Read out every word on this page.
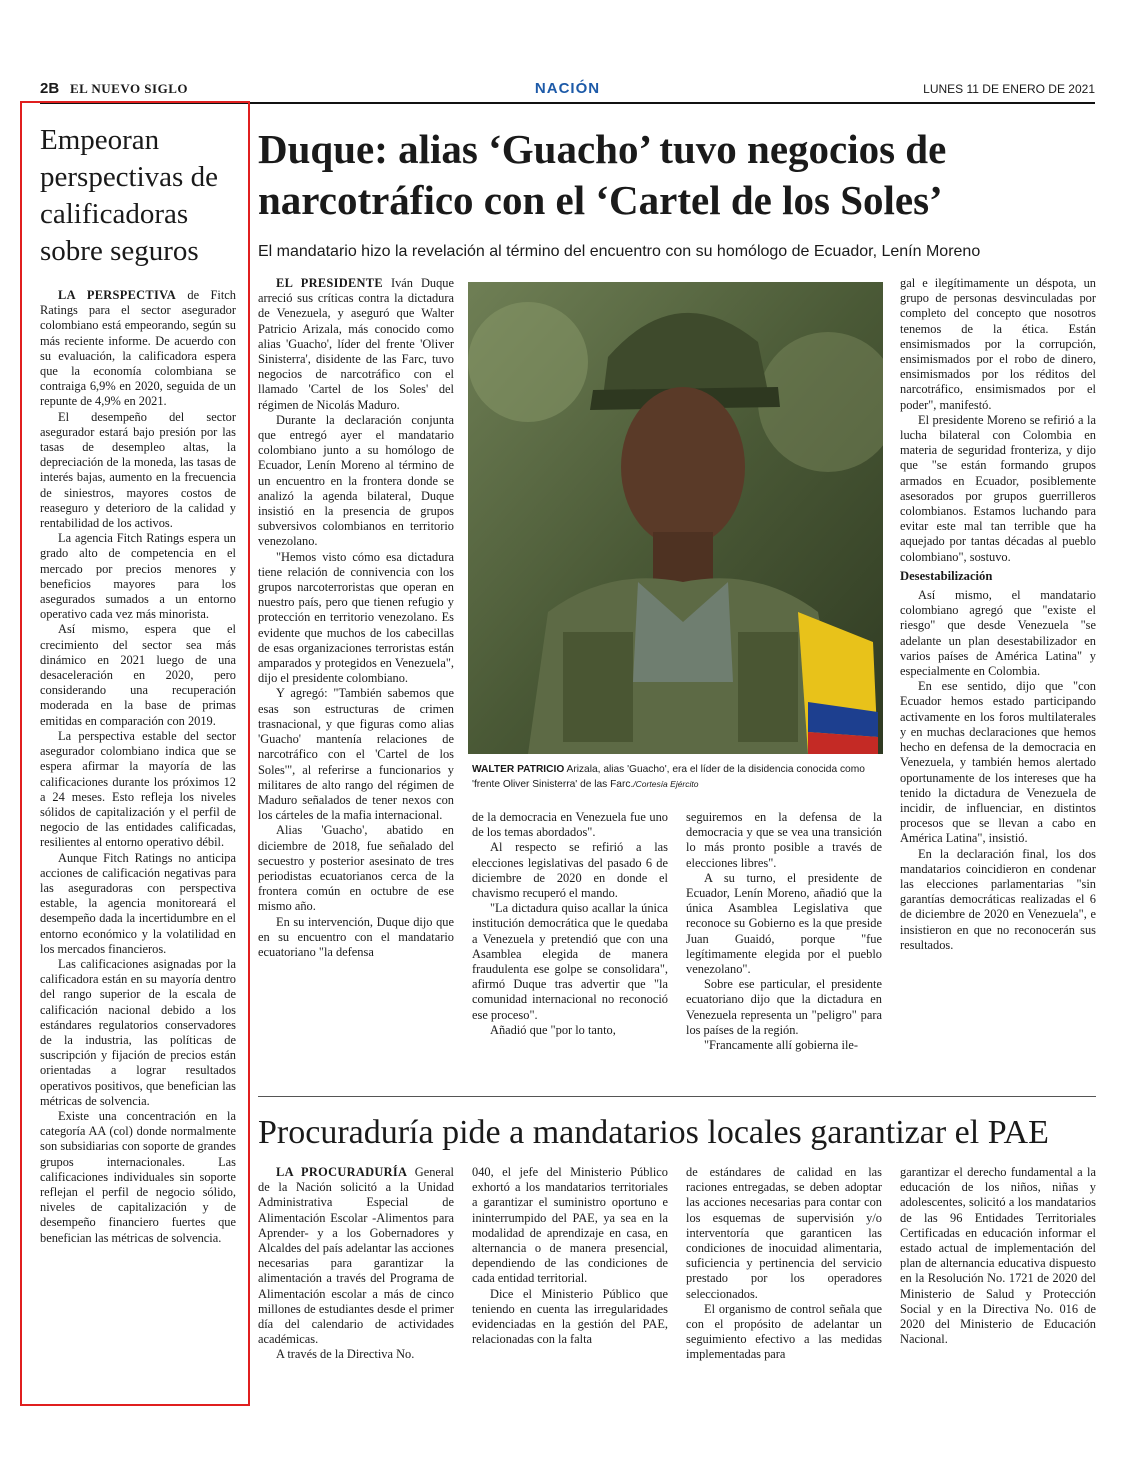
2B EL NUEVO SIGLO	NACIÓN	LUNES 11 DE ENERO DE 2021
Empeoran perspectivas de calificadoras sobre seguros

LA PERSPECTIVA de Fitch Ratings para el sector asegurador colombiano está empeorando, según su más reciente informe. De acuerdo con su evaluación, la calificadora espera que la economía colombiana se contraiga 6,9% en 2020, seguida de un repunte de 4,9% en 2021.

El desempeño del sector asegurador estará bajo presión por las tasas de desempleo altas, la depreciación de la moneda, las tasas de interés bajas, aumento en la frecuencia de siniestros, mayores costos de reaseguro y deterioro de la calidad y rentabilidad de los activos.

La agencia Fitch Ratings espera un grado alto de competencia en el mercado por precios menores y beneficios mayores para los asegurados sumados a un entorno operativo cada vez más minorista.

Así mismo, espera que el crecimiento del sector sea más dinámico en 2021 luego de una desaceleración en 2020, pero considerando una recuperación moderada en la base de primas emitidas en comparación con 2019.

La perspectiva estable del sector asegurador colombiano indica que se espera afirmar la mayoría de las calificaciones durante los próximos 12 a 24 meses. Esto refleja los niveles sólidos de capitalización y el perfil de negocio de las entidades calificadas, resilientes al entorno operativo débil.

Aunque Fitch Ratings no anticipa acciones de calificación negativas para las aseguradoras con perspectiva estable, la agencia monitoreará el desempeño dada la incertidumbre en el entorno económico y la volatilidad en los mercados financieros.

Las calificaciones asignadas por la calificadora están en su mayoría dentro del rango superior de la escala de calificación nacional debido a los estándares regulatorios conservadores de la industria, las políticas de suscripción y fijación de precios están orientadas a lograr resultados operativos positivos, que benefician las métricas de solvencia.

Existe una concentración en la categoría AA (col) donde normalmente son subsidiarias con soporte de grandes grupos internacionales. Las calificaciones individuales sin soporte reflejan el perfil de negocio sólido, niveles de capitalización y de desempeño financiero fuertes que benefician las métricas de solvencia.

Duque: alias ‘Guacho’ tuvo negocios de narcotráfico con el ‘Cartel de los Soles’
El mandatario hizo la revelación al término del encuentro con su homólogo de Ecuador, Lenín Moreno

EL PRESIDENTE Iván Duque arreció sus críticas contra la dictadura de Venezuela, y aseguró que Walter Patricio Arizala, más conocido como alias 'Guacho', líder del frente 'Oliver Sinisterra', disidente de las Farc, tuvo negocios de narcotráfico con el llamado 'Cartel de los Soles' del régimen de Nicolás Maduro.

Durante la declaración conjunta que entregó ayer el mandatario colombiano junto a su homólogo de Ecuador, Lenín Moreno al término de un encuentro en la frontera donde se analizó la agenda bilateral, Duque insistió en la presencia de grupos subversivos colombianos en territorio venezolano.

"Hemos visto cómo esa dictadura tiene relación de connivencia con los grupos narcoterroristas que operan en nuestro país, pero que tienen refugio y protección en territorio venezolano. Es evidente que muchos de los cabecillas de esas organizaciones terroristas están amparados y protegidos en Venezuela", dijo el presidente colombiano.

Y agregó: "También sabemos que esas son estructuras de crimen trasnacional, y que figuras como alias 'Guacho' mantenía relaciones de narcotráfico con el 'Cartel de los Soles'", al referirse a funcionarios y militares de alto rango del régimen de Maduro señalados de tener nexos con los cárteles de la mafia internacional.

Alias 'Guacho', abatido en diciembre de 2018, fue señalado del secuestro y posterior asesinato de tres periodistas ecuatorianos cerca de la frontera común en octubre de ese mismo año.

En su intervención, Duque dijo que en su encuentro con el mandatario ecuatoriano "la defensa

WALTER PATRICIO Arizala, alias 'Guacho', era el líder de la disidencia conocida como 'frente Oliver Sinisterra' de las Farc./Cortesía Ejército

de la democracia en Venezuela fue uno de los temas abordados".

Al respecto se refirió a las elecciones legislativas del pasado 6 de diciembre de 2020 en donde el chavismo recuperó el mando.

"La dictadura quiso acallar la única institución democrática que le quedaba a Venezuela y pretendió que con una Asamblea elegida de manera fraudulenta ese golpe se consolidara", afirmó Duque tras advertir que "la comunidad internacional no reconoció ese proceso".

Añadió que "por lo tanto,

seguiremos en la defensa de la democracia y que se vea una transición lo más pronto posible a través de elecciones libres".

A su turno, el presidente de Ecuador, Lenín Moreno, añadió que la única Asamblea Legislativa que reconoce su Gobierno es la que preside Juan Guaidó, porque "fue legítimamente elegida por el pueblo venezolano".

Sobre ese particular, el presidente ecuatoriano dijo que la dictadura en Venezuela representa un "peligro" para los países de la región.

"Francamente allí gobierna ile-

gal e ilegítimamente un déspota, un grupo de personas desvinculadas por completo del concepto que nosotros tenemos de la ética. Están ensimismados por la corrupción, ensimismados por el robo de dinero, ensimismados por los réditos del narcotráfico, ensimismados por el poder", manifestó.

El presidente Moreno se refirió a la lucha bilateral con Colombia en materia de seguridad fronteriza, y dijo que "se están formando grupos armados en Ecuador, posiblemente asesorados por grupos guerrilleros colombianos. Estamos luchando para evitar este mal tan terrible que ha aquejado por tantas décadas al pueblo colombiano", sostuvo.

Desestabilización

Así mismo, el mandatario colombiano agregó que "existe el riesgo" que desde Venezuela "se adelante un plan desestabilizador en varios países de América Latina" y especialmente en Colombia.

En ese sentido, dijo que "con Ecuador hemos estado participando activamente en los foros multilaterales y en muchas declaraciones que hemos hecho en defensa de la democracia en Venezuela, y también hemos alertado oportunamente de los intereses que ha tenido la dictadura de Venezuela de incidir, de influenciar, en distintos procesos que se llevan a cabo en América Latina", insistió.

En la declaración final, los dos mandatarios coincidieron en condenar las elecciones parlamentarias "sin garantías democráticas realizadas el 6 de diciembre de 2020 en Venezuela", e insistieron en que no reconocerán sus resultados.

Procuraduría pide a mandatarios locales garantizar el PAE

LA PROCURADURÍA General de la Nación solicitó a la Unidad Administrativa Especial de Alimentación Escolar -Alimentos para Aprender- y a los Gobernadores y Alcaldes del país adelantar las acciones necesarias para garantizar la alimentación a través del Programa de Alimentación escolar a más de cinco millones de estudiantes desde el primer día del calendario de actividades académicas.

A través de la Directiva No.

040, el jefe del Ministerio Público exhortó a los mandatarios territoriales a garantizar el suministro oportuno e ininterrumpido del PAE, ya sea en la modalidad de aprendizaje en casa, en alternancia o de manera presencial, dependiendo de las condiciones de cada entidad territorial.

Dice el Ministerio Público que teniendo en cuenta las irregularidades evidenciadas en la gestión del PAE, relacionadas con la falta

de estándares de calidad en las raciones entregadas, se deben adoptar las acciones necesarias para contar con los esquemas de supervisión y/o interventoría que garanticen las condiciones de inocuidad alimentaria, suficiencia y pertinencia del servicio prestado por los operadores seleccionados.

El organismo de control señala que con el propósito de adelantar un seguimiento efectivo a las medidas implementadas para

garantizar el derecho fundamental a la educación de los niños, niñas y adolescentes, solicitó a los mandatarios de las 96 Entidades Territoriales Certificadas en educación informar el estado actual de implementación del plan de alternancia educativa dispuesto en la Resolución No. 1721 de 2020 del Ministerio de Salud y Protección Social y en la Directiva No. 016 de 2020 del Ministerio de Educación Nacional.
